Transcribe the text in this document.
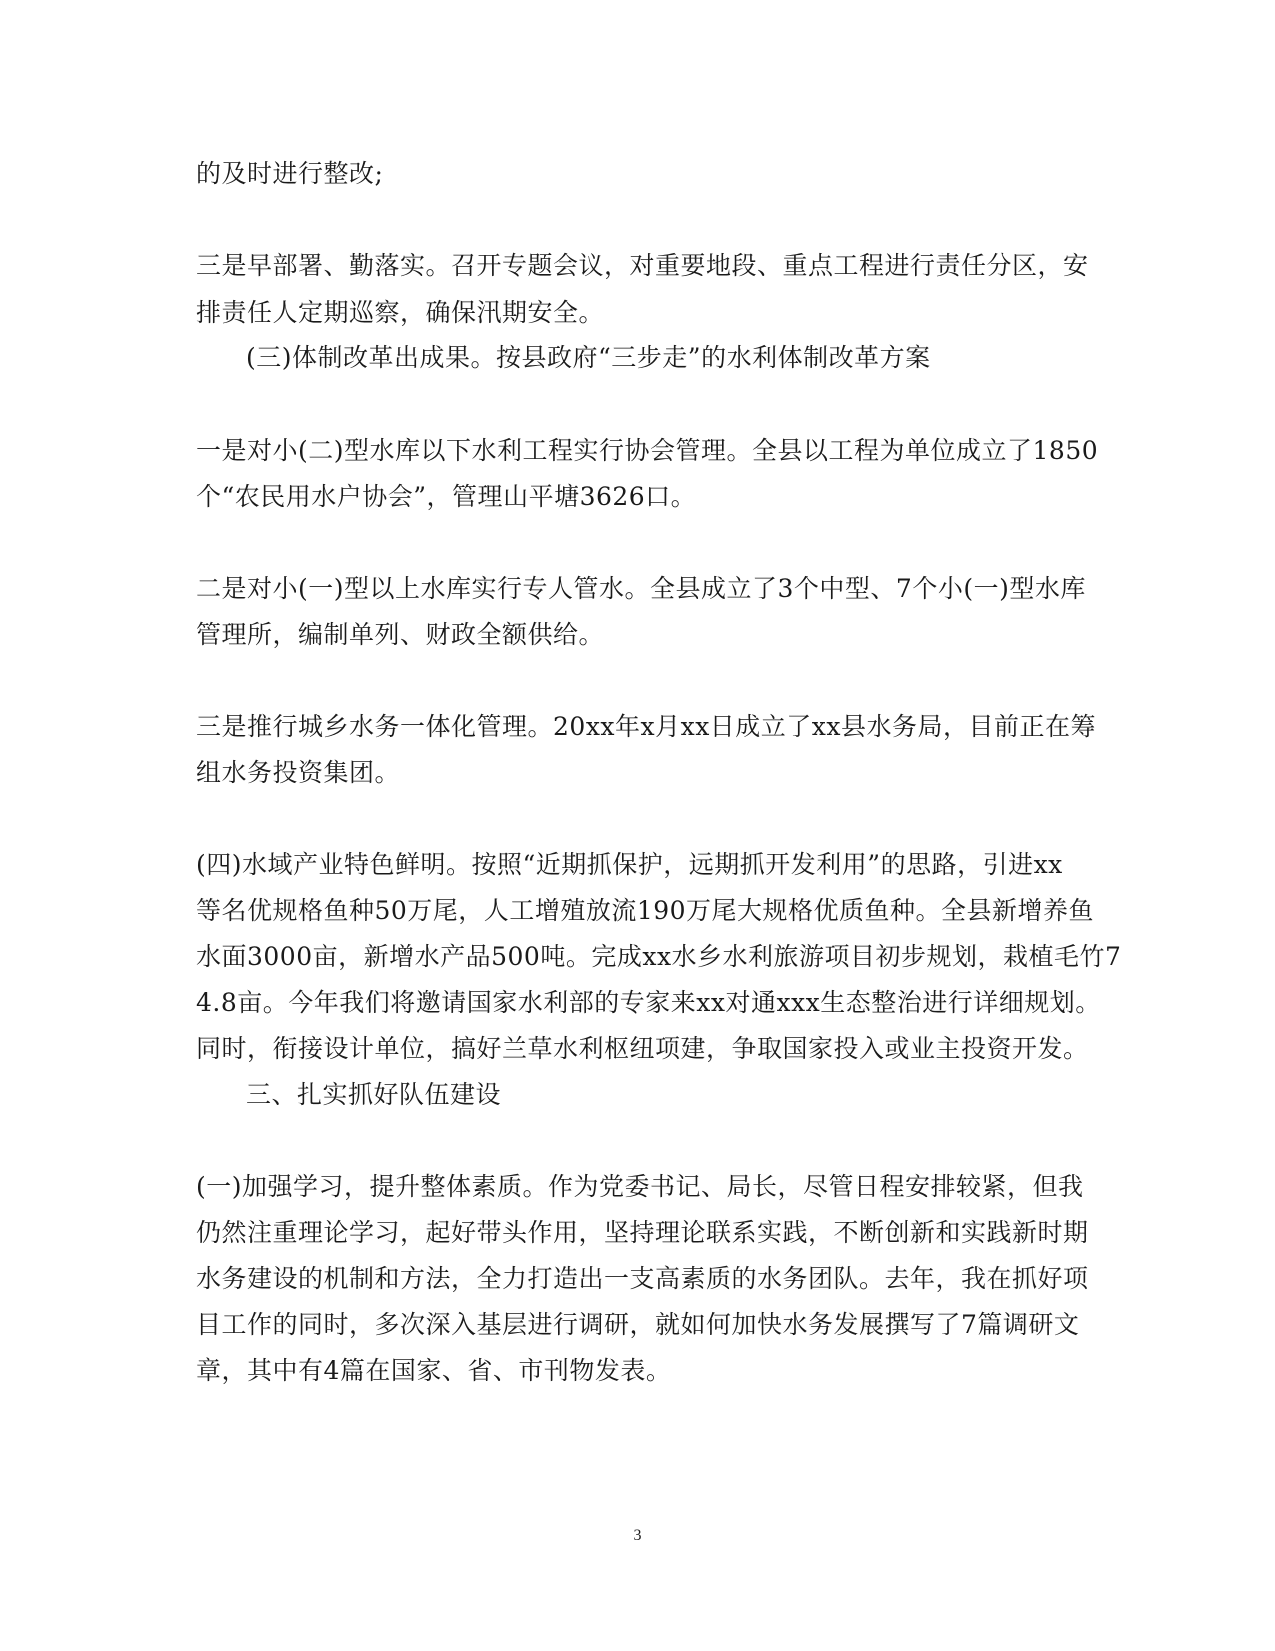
的及时进行整改;
三是早部署、勤落实。召开专题会议，对重要地段、重点工程进行责任分区，安
排责任人定期巡察，确保汛期安全。
(三)体制改革出成果。按县政府“三步走”的水利体制改革方案
一是对小(二)型水库以下水利工程实行协会管理。全县以工程为单位成立了1850
个“农民用水户协会”，管理山平塘3626口。
二是对小(一)型以上水库实行专人管水。全县成立了3个中型、7个小(一)型水库
管理所，编制单列、财政全额供给。
三是推行城乡水务一体化管理。20xx年x月xx日成立了xx县水务局，目前正在筹
组水务投资集团。
(四)水域产业特色鲜明。按照“近期抓保护，远期抓开发利用”的思路，引进xx
等名优规格鱼种50万尾，人工增殖放流190万尾大规格优质鱼种。全县新增养鱼
水面3000亩，新增水产品500吨。完成xx水乡水利旅游项目初步规划，栽植毛竹7
4.8亩。今年我们将邀请国家水利部的专家来xx对通xxx生态整治进行详细规划。
同时，衔接设计单位，搞好兰草水利枢纽项建，争取国家投入或业主投资开发。
三、扎实抓好队伍建设
(一)加强学习，提升整体素质。作为党委书记、局长，尽管日程安排较紧，但我
仍然注重理论学习，起好带头作用，坚持理论联系实践，不断创新和实践新时期
水务建设的机制和方法，全力打造出一支高素质的水务团队。去年，我在抓好项
目工作的同时，多次深入基层进行调研，就如何加快水务发展撰写了7篇调研文
章，其中有4篇在国家、省、市刊物发表。
3
